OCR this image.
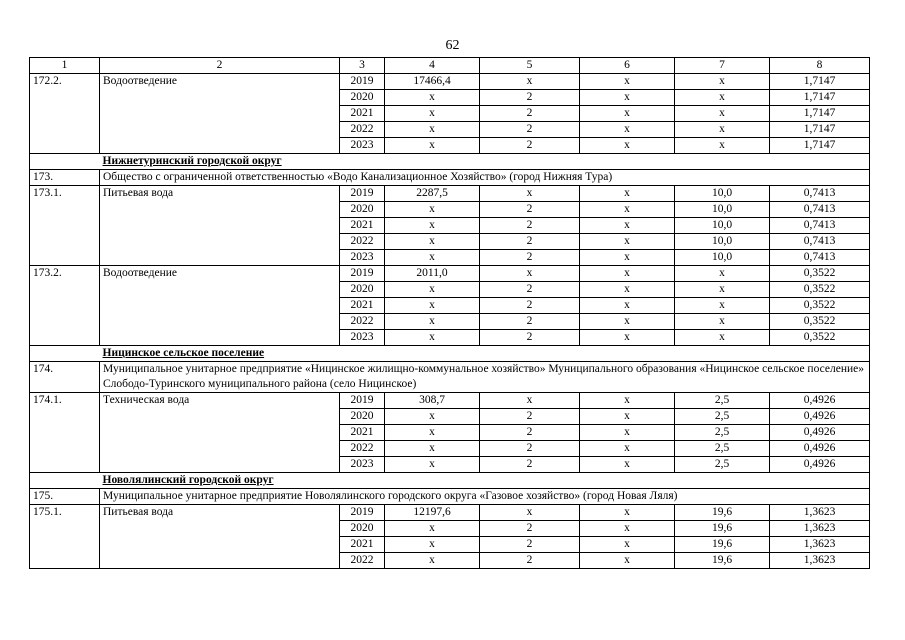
62
1	2	3	4	5	6	7	8
172.2.	Водоотведение	2019	17466,4	х	х	х	1,7147
		2020	х	2	х	х	1,7147
		2021	х	2	х	х	1,7147
		2022	х	2	х	х	1,7147
		2023	х	2	х	х	1,7147
	Нижнетуринский городской округ						
173.	Общество с ограниченной ответственностью «Водо Канализационное Хозяйство» (город Нижняя Тура)						
173.1.	Питьевая вода	2019	2287,5	х	х	10,0	0,7413
		2020	х	2	х	10,0	0,7413
		2021	х	2	х	10,0	0,7413
		2022	х	2	х	10,0	0,7413
		2023	х	2	х	10,0	0,7413
173.2.	Водоотведение	2019	2011,0	х	х	х	0,3522
		2020	х	2	х	х	0,3522
		2021	х	2	х	х	0,3522
		2022	х	2	х	х	0,3522
		2023	х	2	х	х	0,3522
	Ницинское сельское поселение						
174.	Муниципальное унитарное предприятие «Ницинское жилищно-коммунальное хозяйство» Муниципального образования «Ницинское сельское поселение» Слободо-Туринского муниципального района (село Ницинское)						
174.1.	Техническая вода	2019	308,7	х	х	2,5	0,4926
		2020	х	2	х	2,5	0,4926
		2021	х	2	х	2,5	0,4926
		2022	х	2	х	2,5	0,4926
		2023	х	2	х	2,5	0,4926
	Новолялинский городской округ						
175.	Муниципальное унитарное предприятие Новолялинского городского округа «Газовое хозяйство» (город Новая Ляля)						
175.1.	Питьевая вода	2019	12197,6	х	х	19,6	1,3623
		2020	х	2	х	19,6	1,3623
		2021	х	2	х	19,6	1,3623
		2022	х	2	х	19,6	1,3623
